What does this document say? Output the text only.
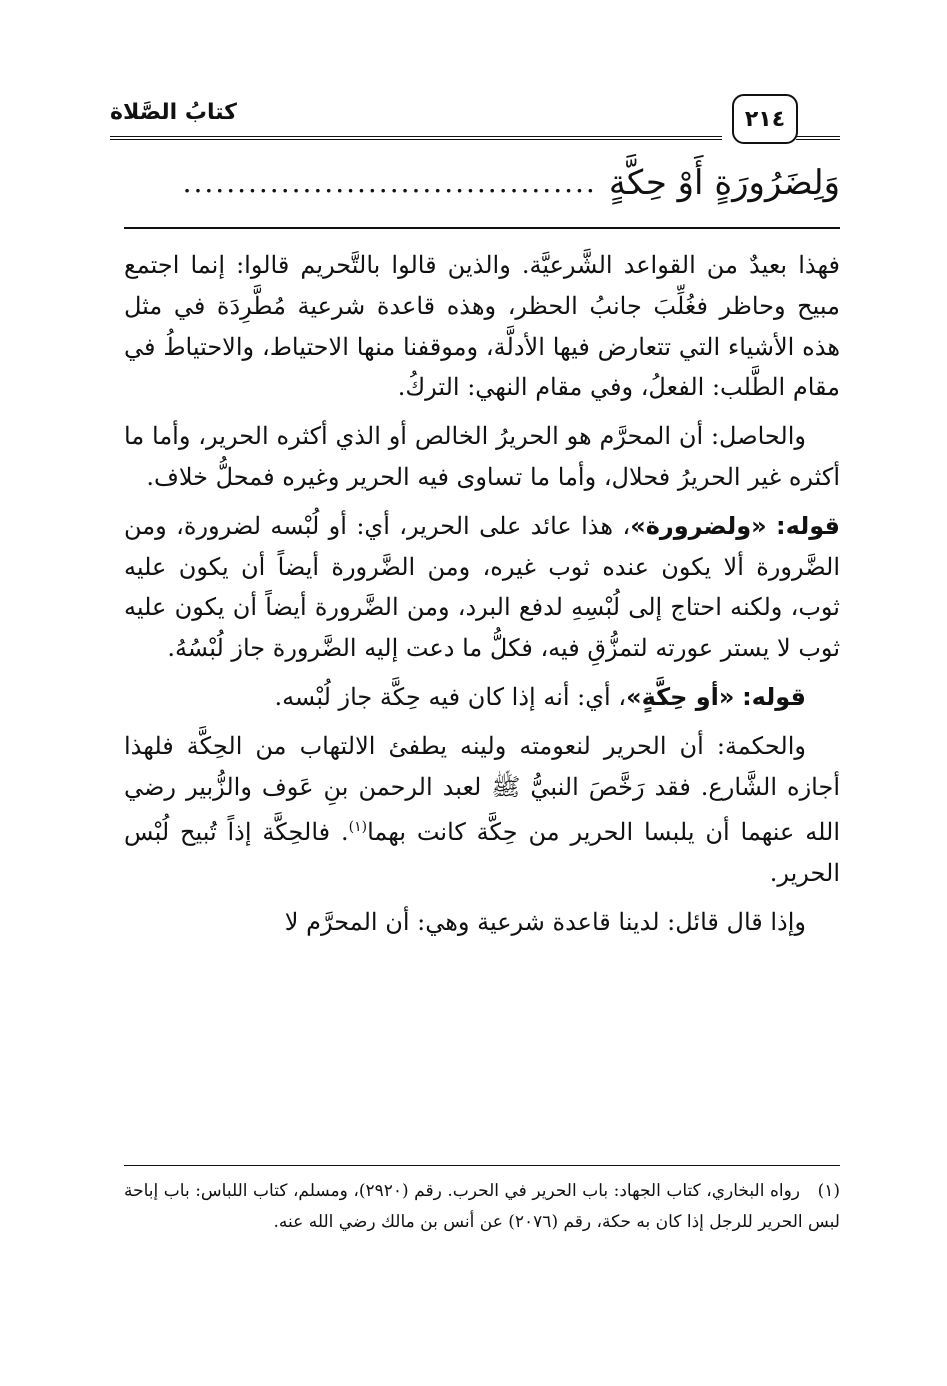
كتابُ الصَّلاة	٢١٤
وَلِضَرُورَةٍ أَوْ حِكَّةٍ
......................................

فهذا بعيدٌ من القواعد الشَّرعيَّة. والذين قالوا بالتَّحريم قالوا: إنما اجتمع مبيح وحاظر فغُلِّبَ جانبُ الحظر، وهذه قاعدة شرعية مُطَّرِدَة في مثل هذه الأشياء التي تتعارض فيها الأدلَّة، وموقفنا منها الاحتياط، والاحتياطُ في مقام الطَّلب: الفعلُ، وفي مقام النهي: التركُ.

والحاصل: أن المحرَّم هو الحريرُ الخالص أو الذي أكثره الحرير، وأما ما أكثره غير الحريرُ فحلال، وأما ما تساوى فيه الحرير وغيره فمحلُّ خلاف.

قوله: «ولضرورة»، هذا عائد على الحرير، أي: أو لُبْسه لضرورة، ومن الضَّرورة ألا يكون عنده ثوب غيره، ومن الضَّرورة أيضاً أن يكون عليه ثوب، ولكنه احتاج إلى لُبْسِهِ لدفع البرد، ومن الضَّرورة أيضاً أن يكون عليه ثوب لا يستر عورته لتمزُّقِ فيه، فكلُّ ما دعت إليه الضَّرورة جاز لُبْسُهُ.

قوله: «أو حِكَّةٍ»، أي: أنه إذا كان فيه حِكَّة جاز لُبْسه.

والحكمة: أن الحرير لنعومته ولينه يطفئ الالتهاب من الحِكَّة فلهذا أجازه الشَّارع. فقد رَخَّصَ النبيُّ ﷺ لعبد الرحمن بنِ عَوف والزُّبير رضي الله عنهما أن يلبسا الحرير من حِكَّة كانت بهما$^{(١)}$. فالحِكَّة إذاً تُبيح لُبْس الحرير.

وإذا قال قائل: لدينا قاعدة شرعية وهي: أن المحرَّم لا

(١)رواه البخاري، كتاب الجهاد: باب الحرير في الحرب. رقم (٢٩٢٠)، ومسلم، كتاب اللباس: باب إباحة لبس الحرير للرجل إذا كان به حكة، رقم (٢٠٧٦) عن أنس بن مالك رضي الله عنه.
